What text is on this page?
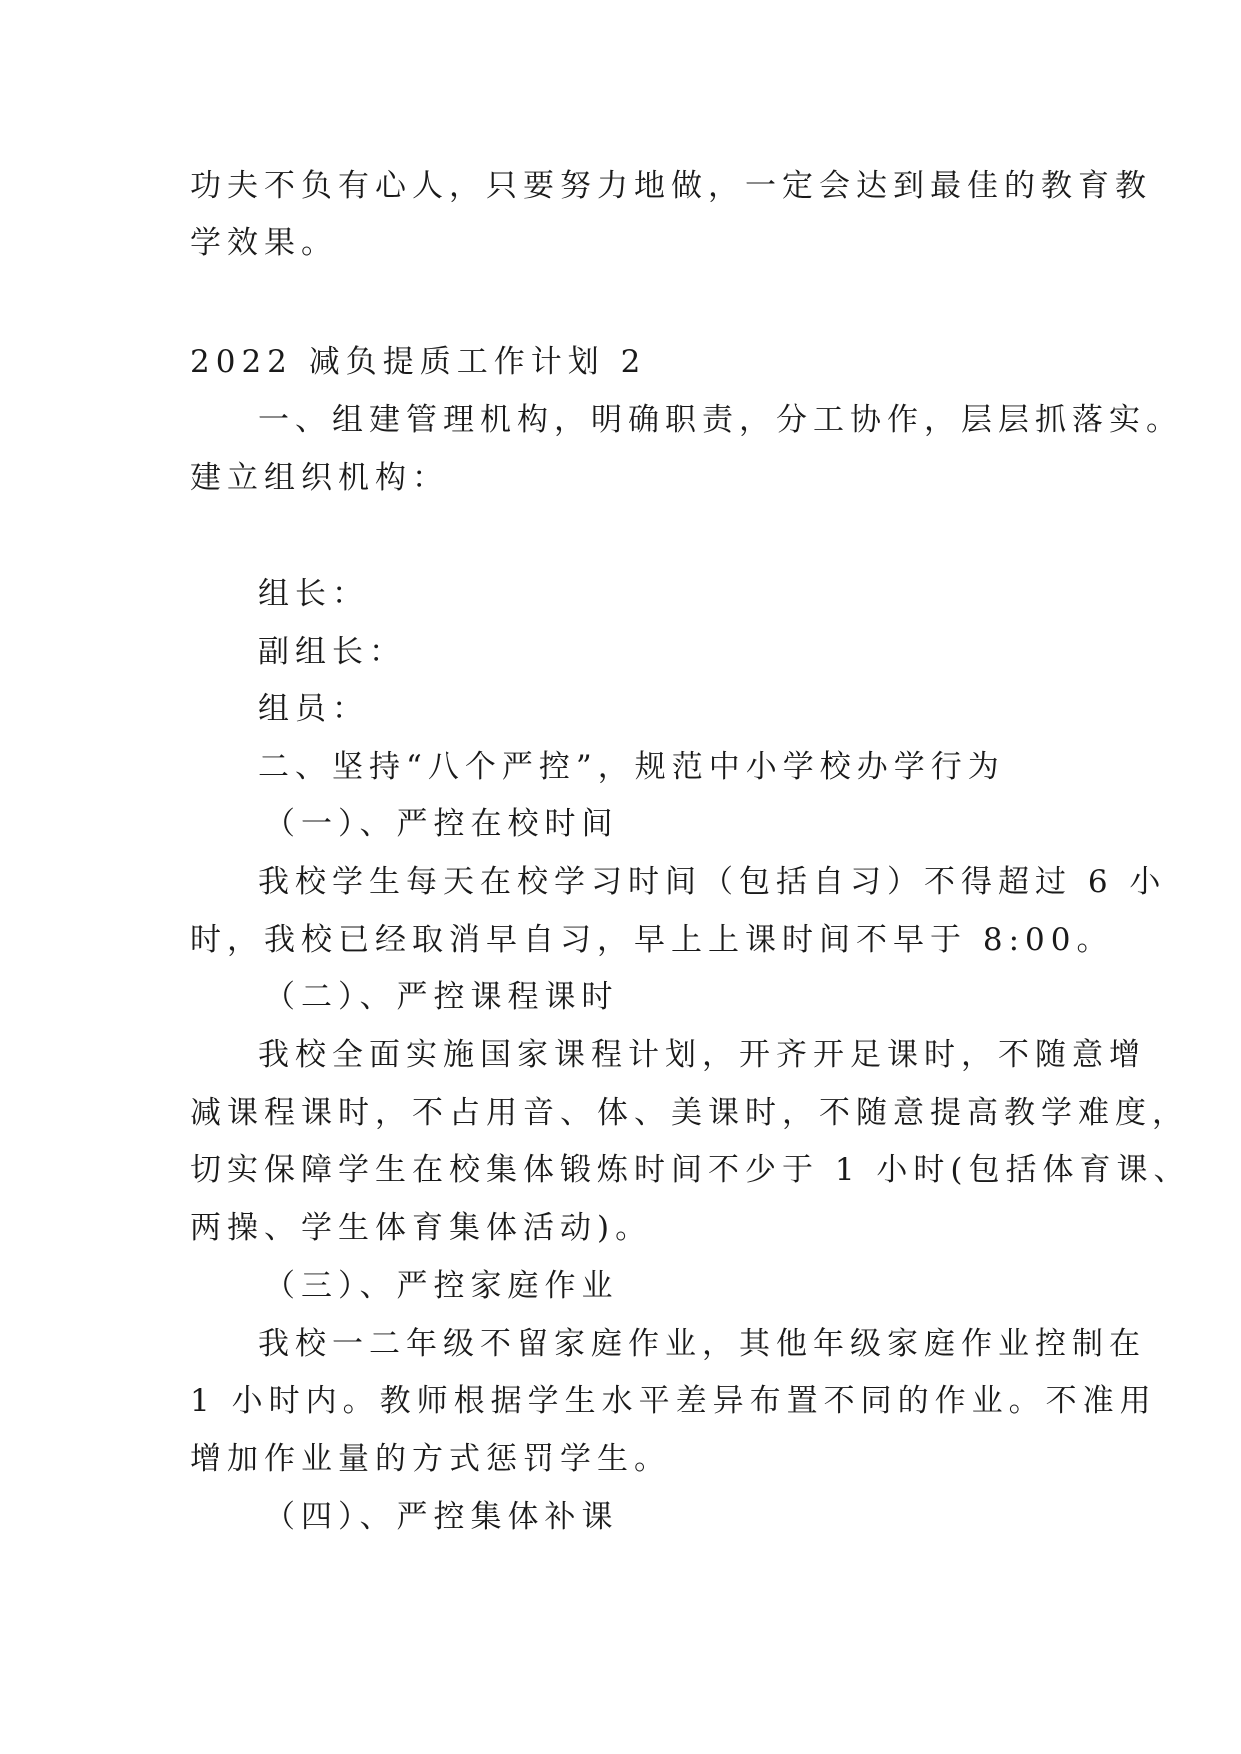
功夫不负有心人，只要努力地做，一定会达到最佳的教育教
学效果。
2022 减负提质工作计划 2
一、组建管理机构，明确职责，分工协作，层层抓落实。
建立组织机构：
组长：
副组长：
组员：
二、坚持“八个严控”，规范中小学校办学行为
（一）、严控在校时间
我校学生每天在校学习时间（包括自习）不得超过 6 小
时，我校已经取消早自习，早上上课时间不早于 8:00。
（二）、严控课程课时
我校全面实施国家课程计划，开齐开足课时，不随意增
减课程课时，不占用音、体、美课时，不随意提高教学难度，
切实保障学生在校集体锻炼时间不少于 1 小时(包括体育课、
两操、学生体育集体活动)。
（三）、严控家庭作业
我校一二年级不留家庭作业，其他年级家庭作业控制在
1 小时内。教师根据学生水平差异布置不同的作业。不准用
增加作业量的方式惩罚学生。
（四）、严控集体补课
